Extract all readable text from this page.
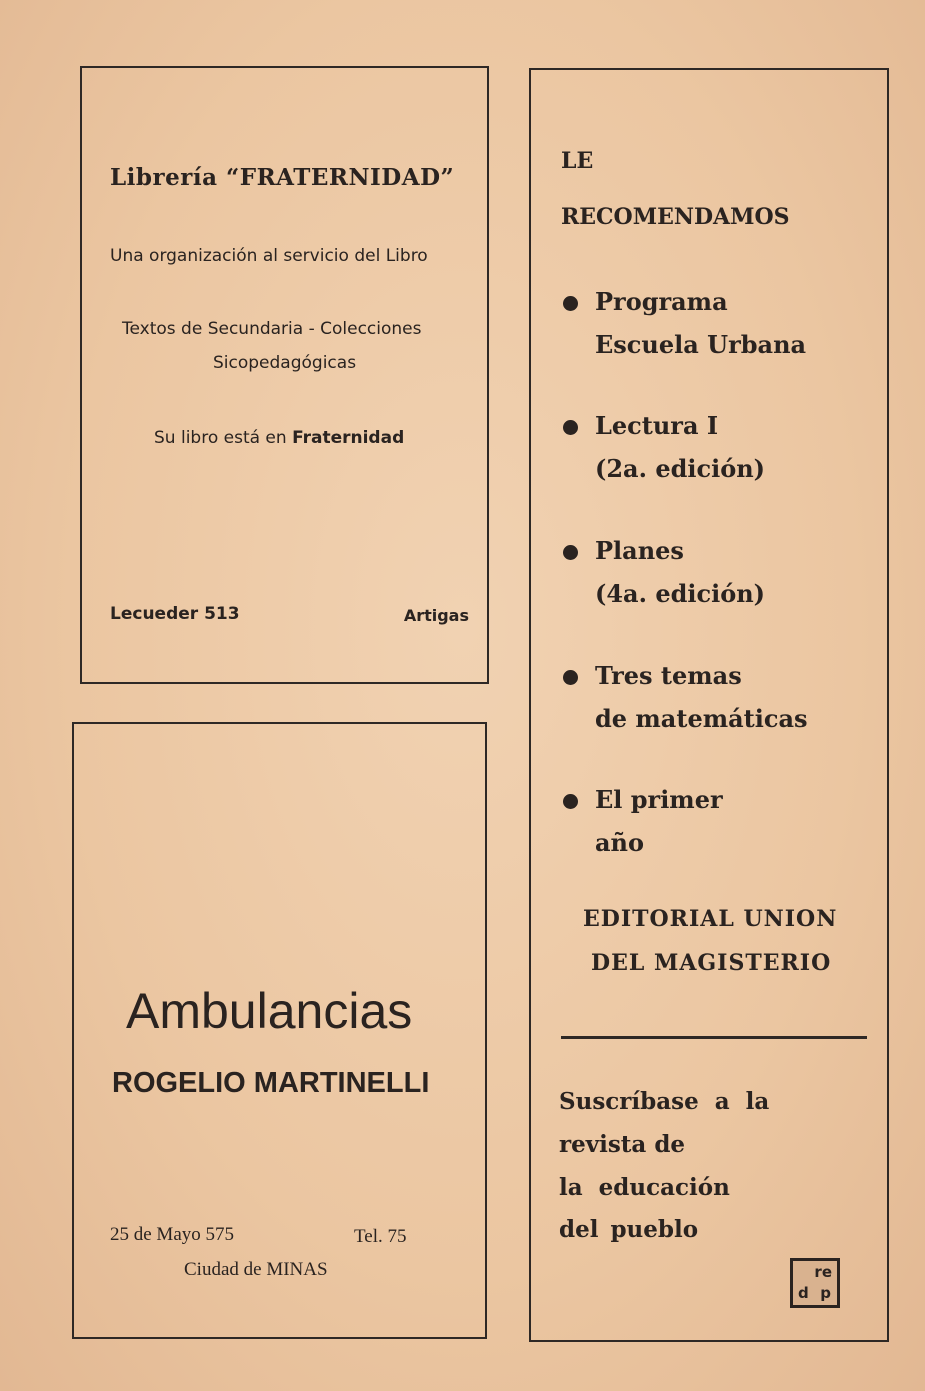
Librería “FRATERNIDAD”
Una organización al servicio del Libro
Textos de Secundaria - Colecciones
Sicopedagógicas
Su libro está en Fraternidad
Lecueder 513	Artigas
Ambulancias
ROGELIO MARTINELLI
25 de Mayo 575	Tel. 75
Ciudad de MINAS
LE
RECOMENDAMOS
Programa
Escuela Urbana
Lectura I
(2a. edición)
Planes
(4a. edición)
Tres temas
de matemáticas
El primer
año
EDITORIAL UNION
DEL MAGISTERIO
Suscríbase a la
revista de
la educación
del pueblo
re
d p
